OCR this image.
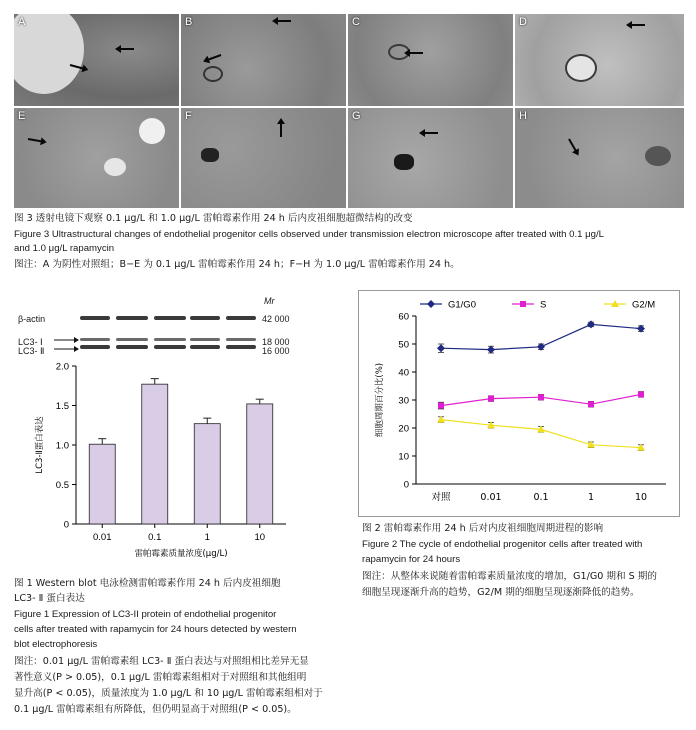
A	B	C	D
E	F	G	H
图 3 透射电镜下观察 0.1 μg/L 和 1.0 μg/L 雷帕霉素作用 24 h 后内皮祖细胞超微结构的改变
Figure 3 Ultrastructural changes of endothelial progenitor cells observed under transmission electron microscope after treated with 0.1 μg/L
and 1.0 μg/L rapamycin
图注：A 为阴性对照组；B−E 为 0.1 μg/L 雷帕霉素作用 24 h；F−H 为 1.0 μg/L 雷帕霉素作用 24 h。
Mr
β-actin	42 000
LC3- Ⅰ
LC3- Ⅱ
18 000
16 000
0
0.5
1.0
1.5
2.0
0.01	0.1	1	10
雷帕霉素质量浓度(μg/L)
LC3-Ⅱ蛋白表达
图 1 Western blot 电泳检测雷帕霉素作用 24 h 后内皮祖细胞
LC3- Ⅱ 蛋白表达
Figure 1 Expression of LC3-II protein of endothelial progenitor
cells after treated with rapamycin for 24 hours detected by western
blot electrophoresis
图注：0.01 μg/L 雷帕霉素组 LC3- Ⅱ 蛋白表达与对照组相比差异无显
著性意义(P > 0.05)，0.1 μg/L 雷帕霉素组相对于对照组和其他组明
显升高(P < 0.05)，质量浓度为 1.0 μg/L 和 10 μg/L 雷帕霉素组相对于
0.1 μg/L 雷帕霉素组有所降低，但仍明显高于对照组(P < 0.05)。
0
10
20
30
40
50
60
对照	0.01	0.1	1	10
细胞周期百分比(%)
G1/G0	S	G2/M
图 2 雷帕霉素作用 24 h 后对内皮祖细胞周期进程的影响
Figure 2 The cycle of endothelial progenitor cells after treated with
rapamycin for 24 hours
图注：从整体来说随着雷帕霉素质量浓度的增加，G1/G0 期和 S 期的
细胞呈现逐渐升高的趋势，G2/M 期的细胞呈现逐渐降低的趋势。
